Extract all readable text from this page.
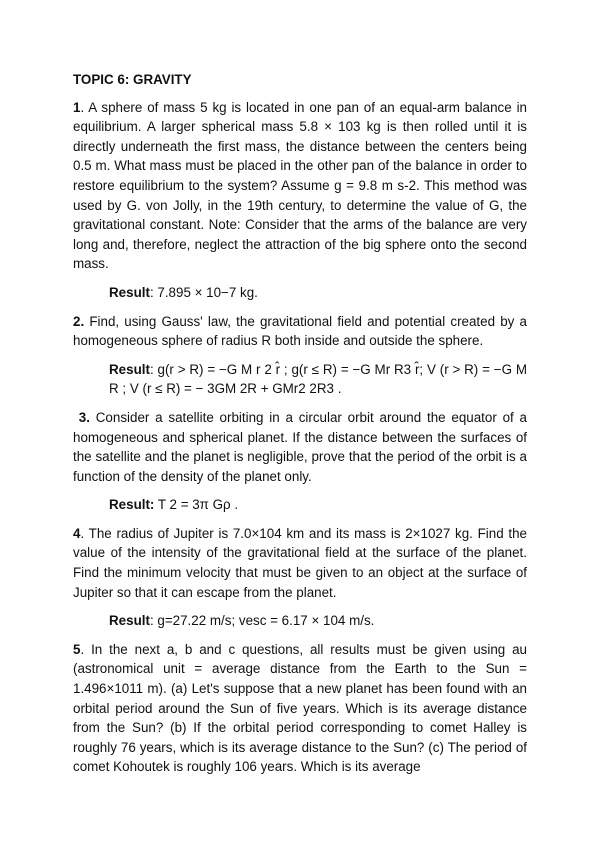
TOPIC 6: GRAVITY

1. A sphere of mass 5 kg is located in one pan of an equal-arm balance in equilibrium. A larger spherical mass 5.8 × 103 kg is then rolled until it is directly underneath the first mass, the distance between the centers being 0.5 m. What mass must be placed in the other pan of the balance in order to restore equilibrium to the system? Assume g = 9.8 m s-2. This method was used by G. von Jolly, in the 19th century, to determine the value of G, the gravitational constant. Note: Consider that the arms of the balance are very long and, therefore, neglect the attraction of the big sphere onto the second mass.

Result: 7.895 × 10−7 kg.

2. Find, using Gauss' law, the gravitational field and potential created by a homogeneous sphere of radius R both inside and outside the sphere.

Result: g(r > R) = −G M r 2 r̂ ; g(r ≤ R) = −G Mr R3 r̂; V (r > R) = −G M R ; V (r ≤ R) = − 3GM 2R + GMr2 2R3 .

3. Consider a satellite orbiting in a circular orbit around the equator of a homogeneous and spherical planet. If the distance between the surfaces of the satellite and the planet is negligible, prove that the period of the orbit is a function of the density of the planet only.

Result: T 2 = 3π Gρ .

4. The radius of Jupiter is 7.0×104 km and its mass is 2×1027 kg. Find the value of the intensity of the gravitational field at the surface of the planet. Find the minimum velocity that must be given to an object at the surface of Jupiter so that it can escape from the planet.

Result: g=27.22 m/s; vesc = 6.17 × 104 m/s.

5. In the next a, b and c questions, all results must be given using au (astronomical unit = average distance from the Earth to the Sun = 1.496×1011 m). (a) Let's suppose that a new planet has been found with an orbital period around the Sun of five years. Which is its average distance from the Sun? (b) If the orbital period corresponding to comet Halley is roughly 76 years, which is its average distance to the Sun? (c) The period of comet Kohoutek is roughly 106 years. Which is its average
